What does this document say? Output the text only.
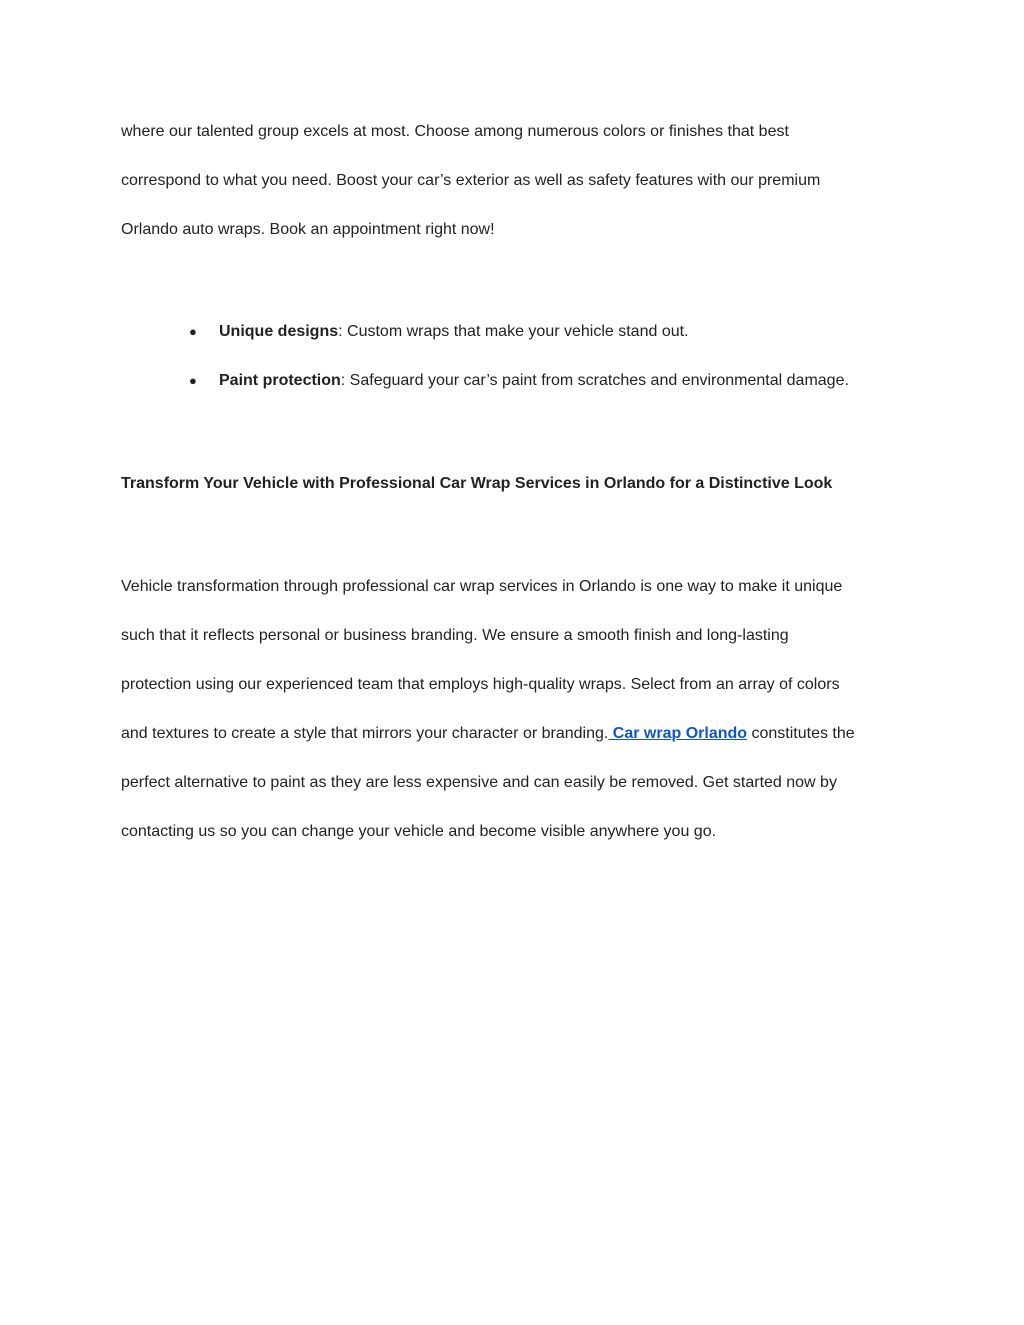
where our talented group excels at most. Choose among numerous colors or finishes that best
correspond to what you need. Boost your car’s exterior as well as safety features with our premium
Orlando auto wraps. Book an appointment right now!
● Unique designs: Custom wraps that make your vehicle stand out.
● Paint protection: Safeguard your car’s paint from scratches and environmental damage.
Transform Your Vehicle with Professional Car Wrap Services in Orlando for a Distinctive Look
Vehicle transformation through professional car wrap services in Orlando is one way to make it unique
such that it reflects personal or business branding. We ensure a smooth finish and long-lasting
protection using our experienced team that employs high-quality wraps. Select from an array of colors
and textures to create a style that mirrors your character or branding. Car wrap Orlando constitutes the
perfect alternative to paint as they are less expensive and can easily be removed. Get started now by
contacting us so you can change your vehicle and become visible anywhere you go.
